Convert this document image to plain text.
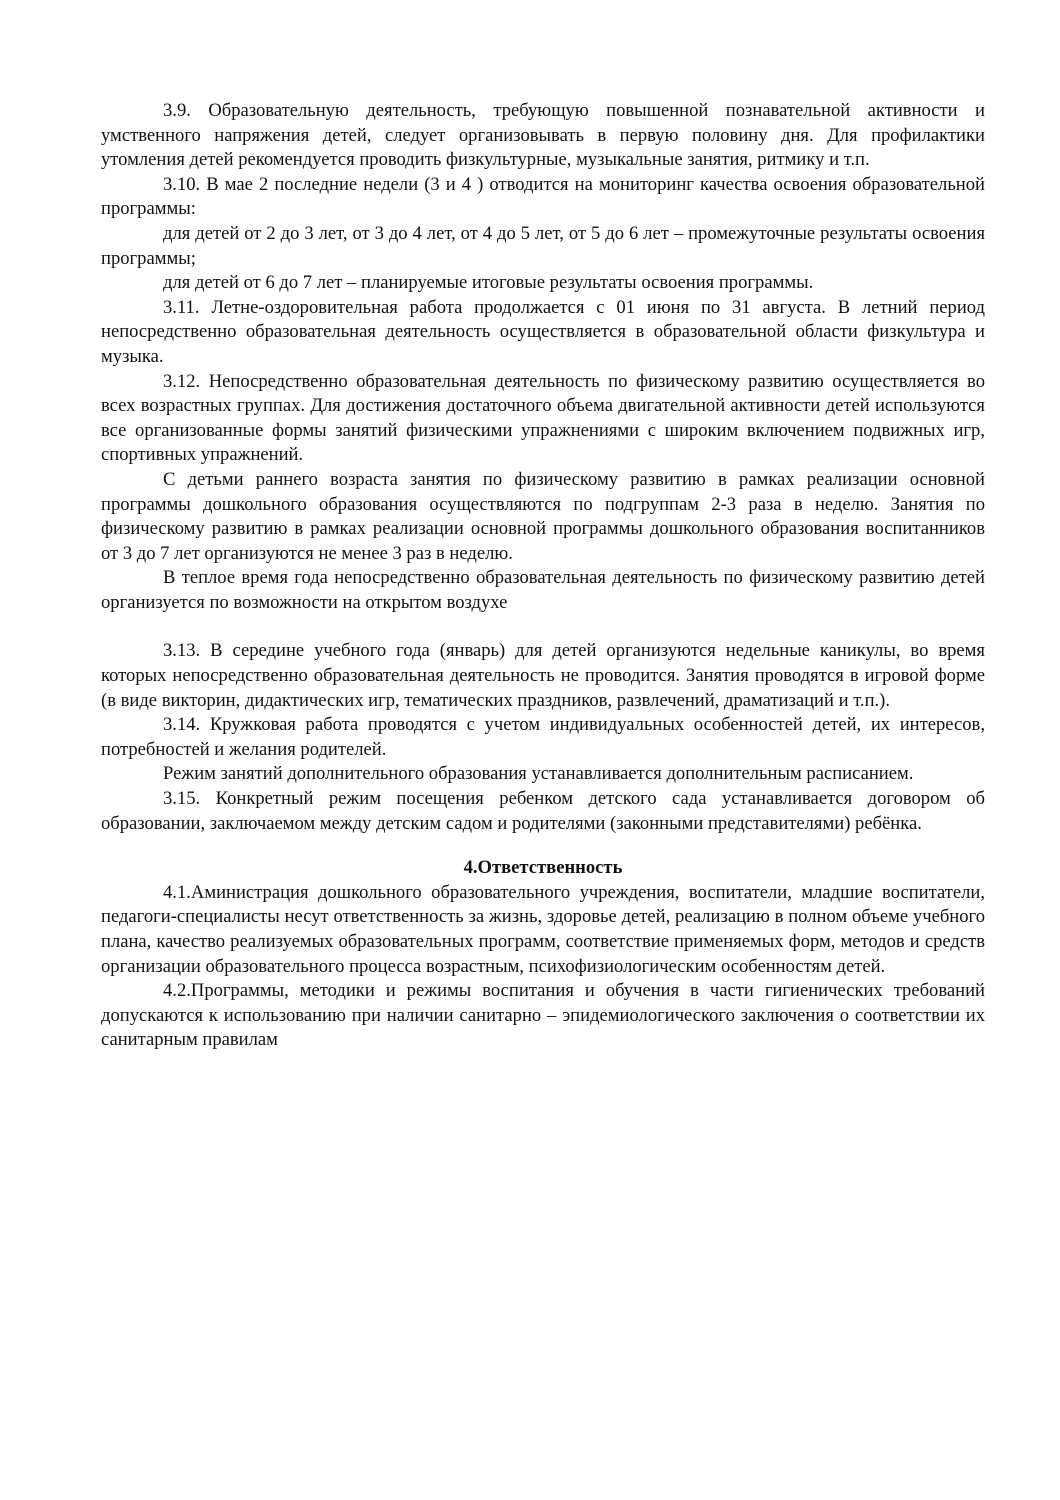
3.9. Образовательную деятельность, требующую повышенной познавательной активности и умственного напряжения детей, следует организовывать в первую половину дня. Для профилактики утомления детей рекомендуется проводить физкультурные, музыкальные занятия, ритмику и т.п.

3.10. В мае 2 последние недели (3 и 4 ) отводится на мониторинг качества освоения образовательной программы:

для детей от 2 до 3 лет, от 3 до 4 лет, от 4 до 5 лет, от 5 до 6 лет – промежуточные результаты освоения программы;

для детей от 6 до 7 лет – планируемые итоговые результаты освоения программы.

3.11. Летне-оздоровительная работа продолжается с 01 июня по 31 августа. В летний период непосредственно образовательная деятельность осуществляется в образовательной области физкультура и музыка.

3.12. Непосредственно образовательная деятельность по физическому развитию осуществляется во всех возрастных группах. Для достижения достаточного объема двигательной активности детей используются все организованные формы занятий физическими упражнениями с широким включением подвижных игр, спортивных упражнений.

С детьми раннего возраста занятия по физическому развитию в рамках реализации основной программы дошкольного образования осуществляются по подгруппам 2-3 раза в неделю. Занятия по физическому развитию в рамках реализации основной программы дошкольного образования воспитанников от 3 до 7 лет организуются не менее 3 раз в неделю.

В теплое время года непосредственно образовательная деятельность по физическому развитию детей организуется по возможности на открытом воздухе

3.13. В середине учебного года (январь) для детей организуются недельные каникулы, во время которых непосредственно образовательная деятельность не проводится. Занятия проводятся в игровой форме (в виде викторин, дидактических игр, тематических праздников, развлечений, драматизаций и т.п.).

3.14. Кружковая работа проводятся с учетом индивидуальных особенностей детей, их интересов, потребностей и желания родителей.

Режим занятий дополнительного образования устанавливается дополнительным расписанием.

3.15. Конкретный режим посещения ребенком детского сада устанавливается договором об образовании, заключаемом между детским садом и родителями (законными представителями) ребёнка.

4.Ответственность

4.1.Аминистрация дошкольного образовательного учреждения, воспитатели, младшие воспитатели, педагоги-специалисты несут ответственность за жизнь, здоровье детей, реализацию в полном объеме учебного плана, качество реализуемых образовательных программ, соответствие применяемых форм, методов и средств организации образовательного процесса возрастным, психофизиологическим особенностям детей.

4.2.Программы, методики и режимы воспитания и обучения в части гигиенических требований допускаются к использованию при наличии санитарно – эпидемиологического заключения о соответствии их санитарным правилам
